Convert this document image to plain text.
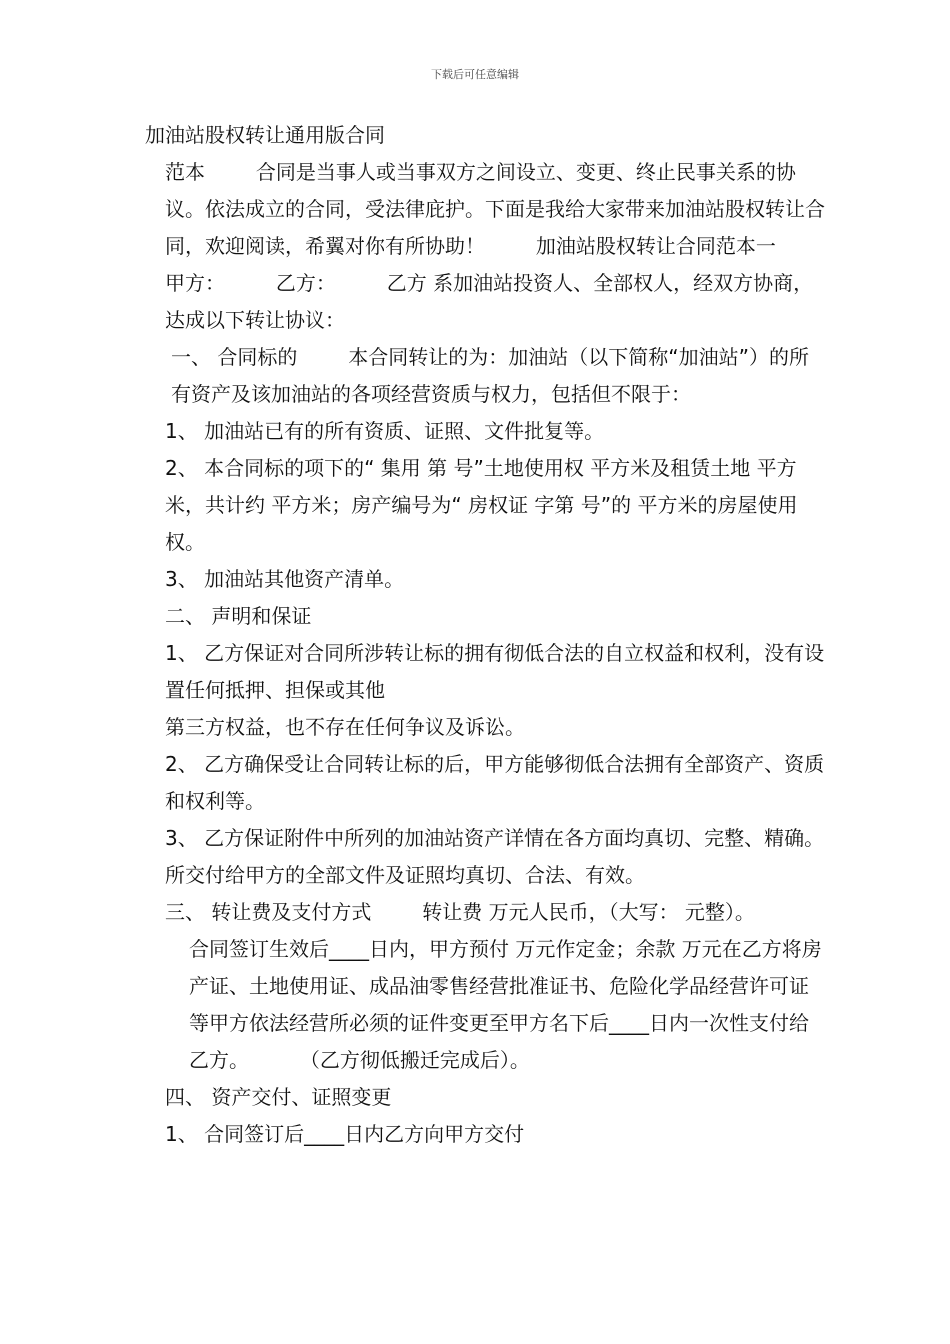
下载后可任意编辑

加油站股权转让通用版合同

范本        合同是当事人或当事双方之间设立、变更、终止民事关系的协议。依法成立的合同，受法律庇护。下面是我给大家带来加油站股权转让合同，欢迎阅读，希翼对你有所协助！        加油站股权转让合同范本一        甲方：        乙方：        乙方 系加油站投资人、全部权人，经双方协商，达成以下转让协议：

一、 合同标的        本合同转让的为：加油站（以下简称“加油站”）的所有资产及该加油站的各项经营资质与权力，包括但不限于：

1、 加油站已有的所有资质、证照、文件批复等。

2、 本合同标的项下的“ 集用 第 号”土地使用权 平方米及租赁土地 平方米，共计约 平方米；房产编号为“ 房权证 字第 号”的 平方米的房屋使用权。

3、 加油站其他资产清单。

二、 声明和保证

1、 乙方保证对合同所涉转让标的拥有彻低合法的自立权益和权利，没有设置任何抵押、担保或其他

第三方权益，也不存在任何争议及诉讼。

2、 乙方确保受让合同转让标的后，甲方能够彻低合法拥有全部资产、资质和权利等。

3、 乙方保证附件中所列的加油站资产详情在各方面均真切、完整、精确。        所交付给甲方的全部文件及证照均真切、合法、有效。

三、 转让费及支付方式        转让费 万元人民币，（大写： 元整）。

合同签订生效后____日内，甲方预付 万元作定金；余款 万元在乙方将房产证、土地使用证、成品油零售经营批准证书、危险化学品经营许可证等甲方依法经营所必须的证件变更至甲方名下后____日内一次性支付给乙方。        （乙方彻低搬迁完成后）。

四、 资产交付、证照变更

1、 合同签订后____日内乙方向甲方交付
